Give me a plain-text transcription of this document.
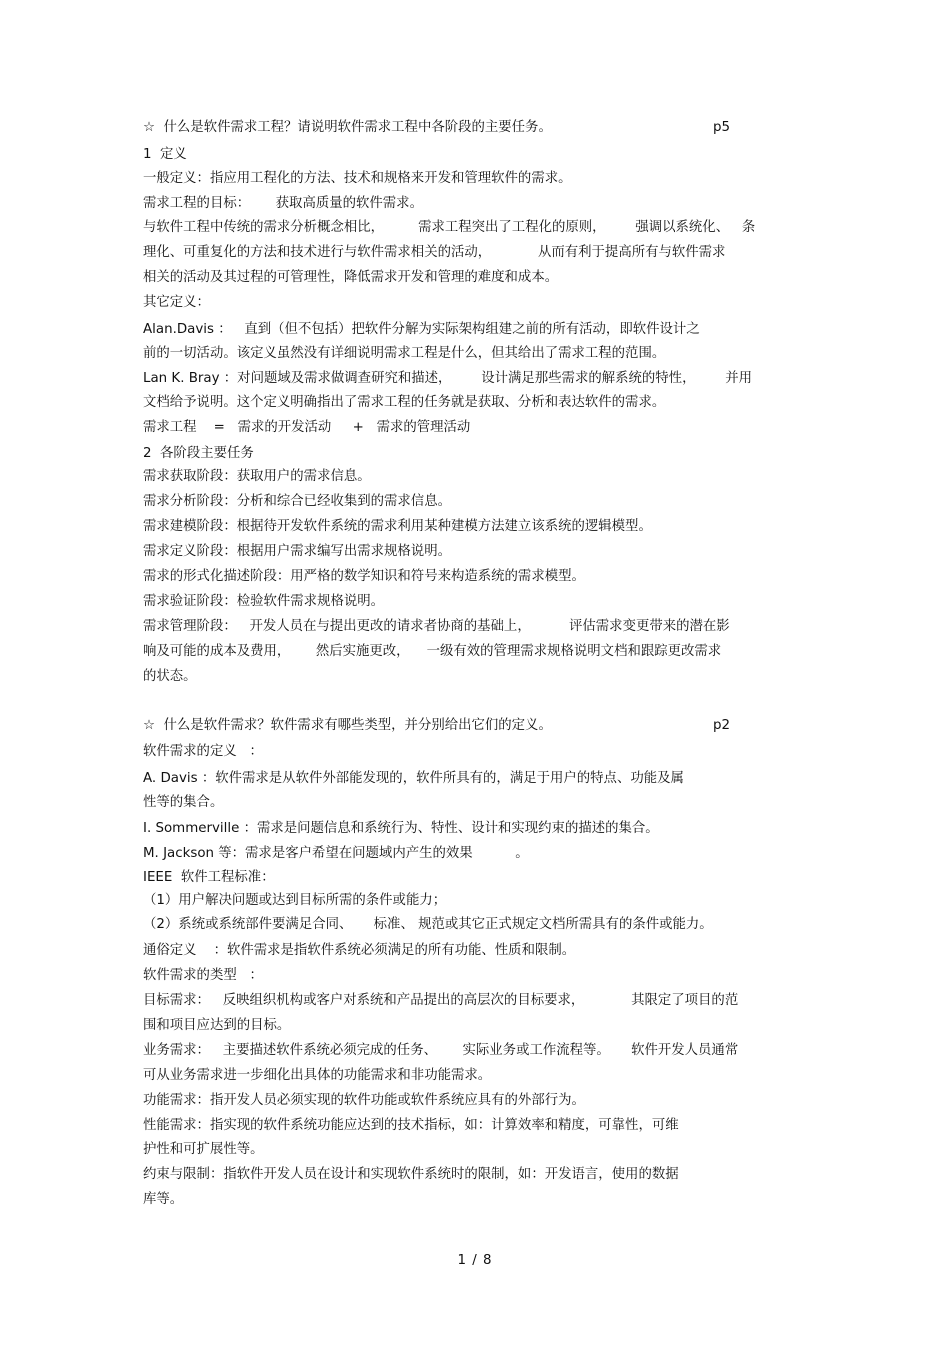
☆  什么是软件需求工程？请说明软件需求工程中各阶段的主要任务。	p5
1  定义
一般定义：指应用工程化的方法、技术和规格来开发和管理软件的需求。
需求工程的目标：      获取高质量的软件需求。
与软件工程中传统的需求分析概念相比，        需求工程突出了工程化的原则，       强调以系统化、   条
理化、可重复化的方法和技术进行与软件需求相关的活动，           从而有利于提高所有与软件需求
相关的活动及其过程的可管理性，降低需求开发和管理的难度和成本。
其它定义：
Alan.Davis ：   直到（但不包括）把软件分解为实际架构组建之前的所有活动，即软件设计之
前的一切活动。该定义虽然没有详细说明需求工程是什么，但其给出了需求工程的范围。
Lan K. Bray ：对问题域及需求做调查研究和描述，       设计满足那些需求的解系统的特性，       并用
文档给予说明。这个定义明确指出了需求工程的任务就是获取、分析和表达软件的需求。
需求工程    =   需求的开发活动     +   需求的管理活动
2  各阶段主要任务
需求获取阶段：获取用户的需求信息。
需求分析阶段：分析和综合已经收集到的需求信息。
需求建模阶段：根据待开发软件系统的需求利用某种建模方法建立该系统的逻辑模型。
需求定义阶段：根据用户需求编写出需求规格说明。
需求的形式化描述阶段：用严格的数学知识和符号来构造系统的需求模型。
需求验证阶段：检验软件需求规格说明。
需求管理阶段：   开发人员在与提出更改的请求者协商的基础上，         评估需求变更带来的潜在影
响及可能的成本及费用，      然后实施更改，    一级有效的管理需求规格说明文档和跟踪更改需求
的状态。
☆  什么是软件需求？软件需求有哪些类型，并分别给出它们的定义。	p2
软件需求的定义   ：
A. Davis ：软件需求是从软件外部能发现的，软件所具有的，满足于用户的特点、功能及属
性等的集合。
I. Sommerville ：需求是问题信息和系统行为、特性、设计和实现约束的描述的集合。
M. Jackson 等：需求是客户希望在问题域内产生的效果          。
IEEE  软件工程标准：
（1）用户解决问题或达到目标所需的条件或能力；
（2）系统或系统部件要满足合同、     标准、 规范或其它正式规定文档所需具有的条件或能力。
通俗定义    ：软件需求是指软件系统必须满足的所有功能、性质和限制。
软件需求的类型   ：
目标需求：   反映组织机构或客户对系统和产品提出的高层次的目标要求，           其限定了项目的范
围和项目应达到的目标。
业务需求：   主要描述软件系统必须完成的任务、      实际业务或工作流程等。     软件开发人员通常
可从业务需求进一步细化出具体的功能需求和非功能需求。
功能需求：指开发人员必须实现的软件功能或软件系统应具有的外部行为。
性能需求：指实现的软件系统功能应达到的技术指标，如：计算效率和精度，可靠性，可维
护性和可扩展性等。
约束与限制：指软件开发人员在设计和实现软件系统时的限制，如：开发语言，使用的数据
库等。
1 / 8
